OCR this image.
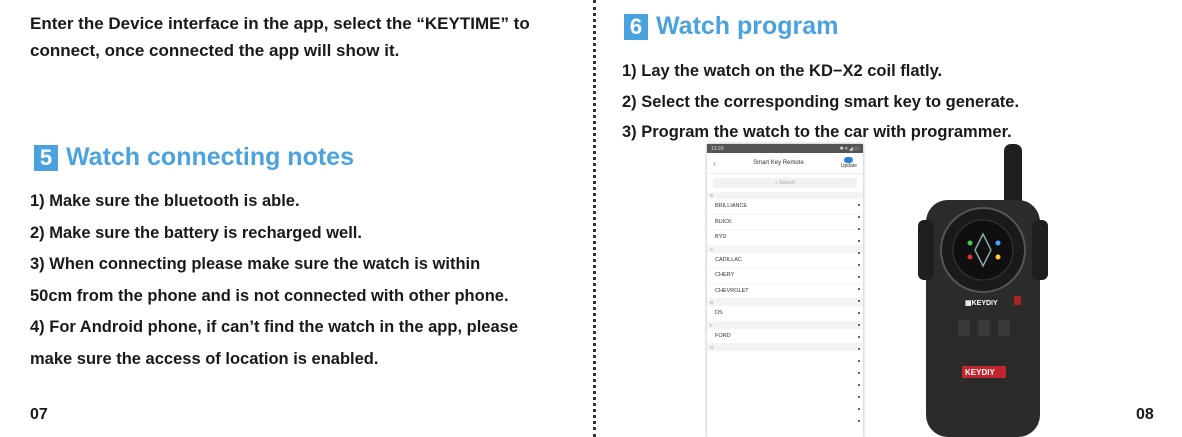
Enter the Device interface in the app, select the “KEYTIME” to
connect, once connected the app will show it.
5 Watch connecting notes
1) Make sure the bluetooth is able.
2) Make sure the battery is recharged well.
3) When connecting please make sure the watch is within
50cm from the phone and is not connected with other phone.
4) For Android phone, if can’t find the watch in the app, please
make sure the access of location is enabled.
07
6 Watch program
1) Lay the watch on the KD−X2 coil flatly.
2) Select the corresponding smart key to generate.
3) Program the watch to the car with programmer.
13:29	✱ ▾ ◢ ▭
‹	Smart Key Remote	Update
⌕ Search
B
BRILLIANCE
BUICK
BYD
C
CADILLAC
CHERY
CHEVROLET
D
DS
F
FORD
G
▦KEYDIY
KEYDIY
08
